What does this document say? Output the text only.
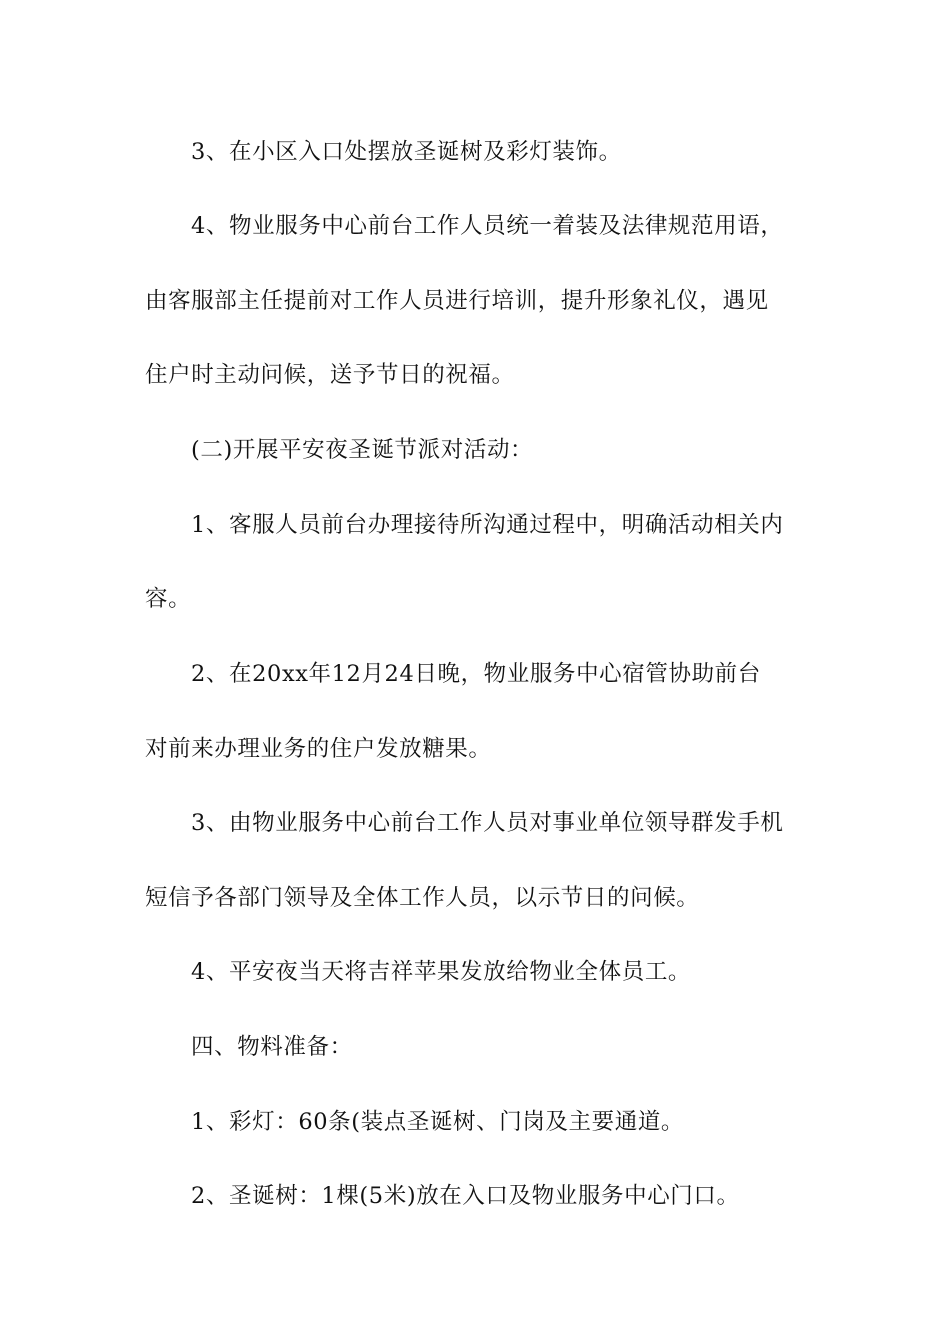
3、在小区入口处摆放圣诞树及彩灯装饰。
4、物业服务中心前台工作人员统一着装及法律规范用语，
由客服部主任提前对工作人员进行培训，提升形象礼仪，遇见
住户时主动问候，送予节日的祝福。
(二)开展平安夜圣诞节派对活动：
1、客服人员前台办理接待所沟通过程中，明确活动相关内
容。
2、在20xx年12月24日晚，物业服务中心宿管协助前台
对前来办理业务的住户发放糖果。
3、由物业服务中心前台工作人员对事业单位领导群发手机
短信予各部门领导及全体工作人员，以示节日的问候。
4、平安夜当天将吉祥苹果发放给物业全体员工。
四、物料准备：
1、彩灯：60条(装点圣诞树、门岗及主要通道。
2、圣诞树：1棵(5米)放在入口及物业服务中心门口。
